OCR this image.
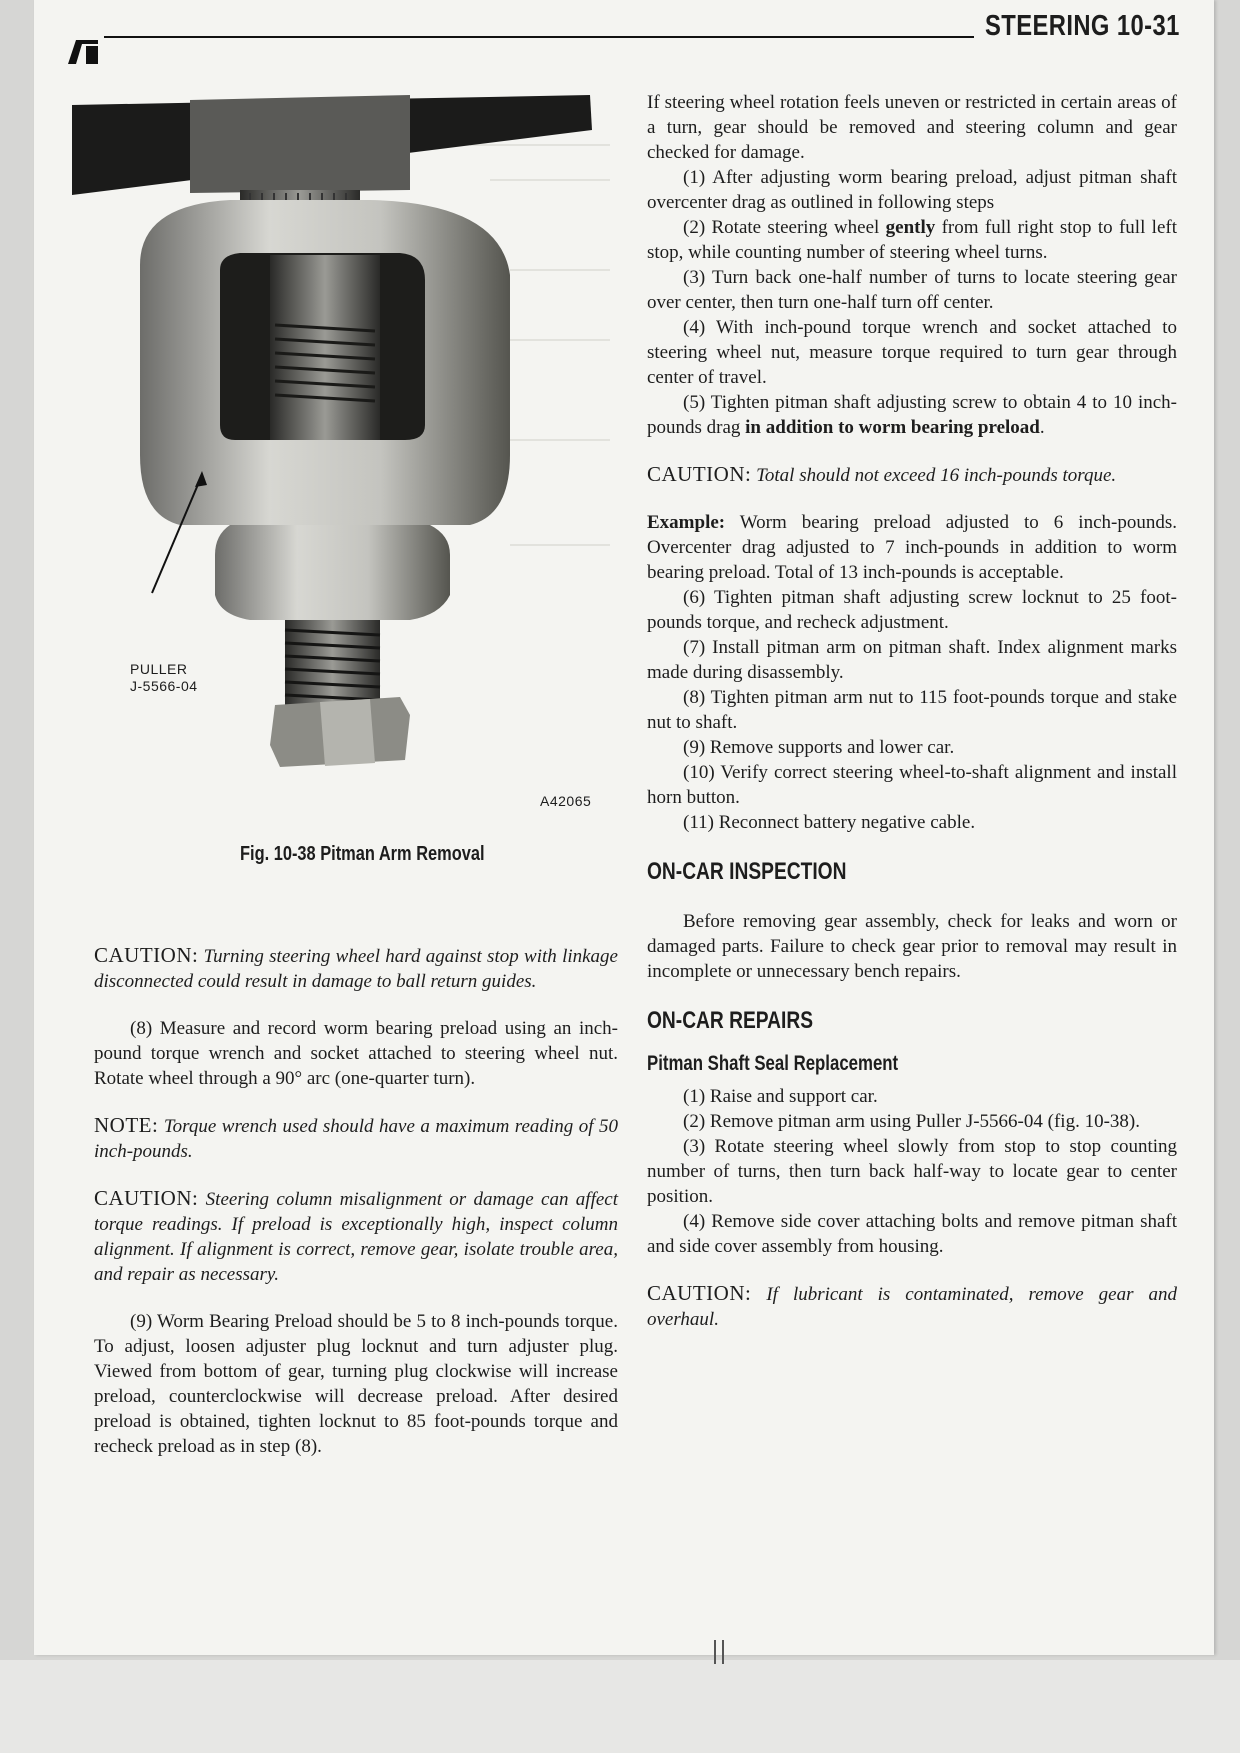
STEERING 10-31
PULLER
J-5566-04
A42065
Fig. 10-38 Pitman Arm Removal

CAUTION: Turning steering wheel hard against stop with linkage disconnected could result in damage to ball return guides.

(8) Measure and record worm bearing preload using an inch-pound torque wrench and socket attached to steering wheel nut. Rotate wheel through a 90° arc (one-quarter turn).

NOTE: Torque wrench used should have a maximum reading of 50 inch-pounds.

CAUTION: Steering column misalignment or damage can affect torque readings. If preload is exceptionally high, inspect column alignment. If alignment is correct, remove gear, isolate trouble area, and repair as necessary.

(9) Worm Bearing Preload should be 5 to 8 inch-pounds torque. To adjust, loosen adjuster plug locknut and turn adjuster plug. Viewed from bottom of gear, turning plug clockwise will increase preload, counterclockwise will decrease preload. After desired preload is obtained, tighten locknut to 85 foot-pounds torque and recheck preload as in step (8).

If steering wheel rotation feels uneven or restricted in certain areas of a turn, gear should be removed and steering column and gear checked for damage.

(1) After adjusting worm bearing preload, adjust pitman shaft overcenter drag as outlined in following steps

(2) Rotate steering wheel gently from full right stop to full left stop, while counting number of steering wheel turns.

(3) Turn back one-half number of turns to locate steering gear over center, then turn one-half turn off center.

(4) With inch-pound torque wrench and socket attached to steering wheel nut, measure torque required to turn gear through center of travel.

(5) Tighten pitman shaft adjusting screw to obtain 4 to 10 inch-pounds drag in addition to worm bearing preload.

CAUTION: Total should not exceed 16 inch-pounds torque.

Example: Worm bearing preload adjusted to 6 inch-pounds. Overcenter drag adjusted to 7 inch-pounds in addition to worm bearing preload. Total of 13 inch-pounds is acceptable.

(6) Tighten pitman shaft adjusting screw locknut to 25 foot-pounds torque, and recheck adjustment.

(7) Install pitman arm on pitman shaft. Index alignment marks made during disassembly.

(8) Tighten pitman arm nut to 115 foot-pounds torque and stake nut to shaft.

(9) Remove supports and lower car.

(10) Verify correct steering wheel-to-shaft alignment and install horn button.

(11) Reconnect battery negative cable.

ON-CAR INSPECTION

Before removing gear assembly, check for leaks and worn or damaged parts. Failure to check gear prior to removal may result in incomplete or unnecessary bench repairs.

ON-CAR REPAIRS
Pitman Shaft Seal Replacement

(1) Raise and support car.

(2) Remove pitman arm using Puller J-5566-04 (fig. 10-38).

(3) Rotate steering wheel slowly from stop to stop counting number of turns, then turn back half-way to locate gear to center position.

(4) Remove side cover attaching bolts and remove pitman shaft and side cover assembly from housing.

CAUTION: If lubricant is contaminated, remove gear and overhaul.
